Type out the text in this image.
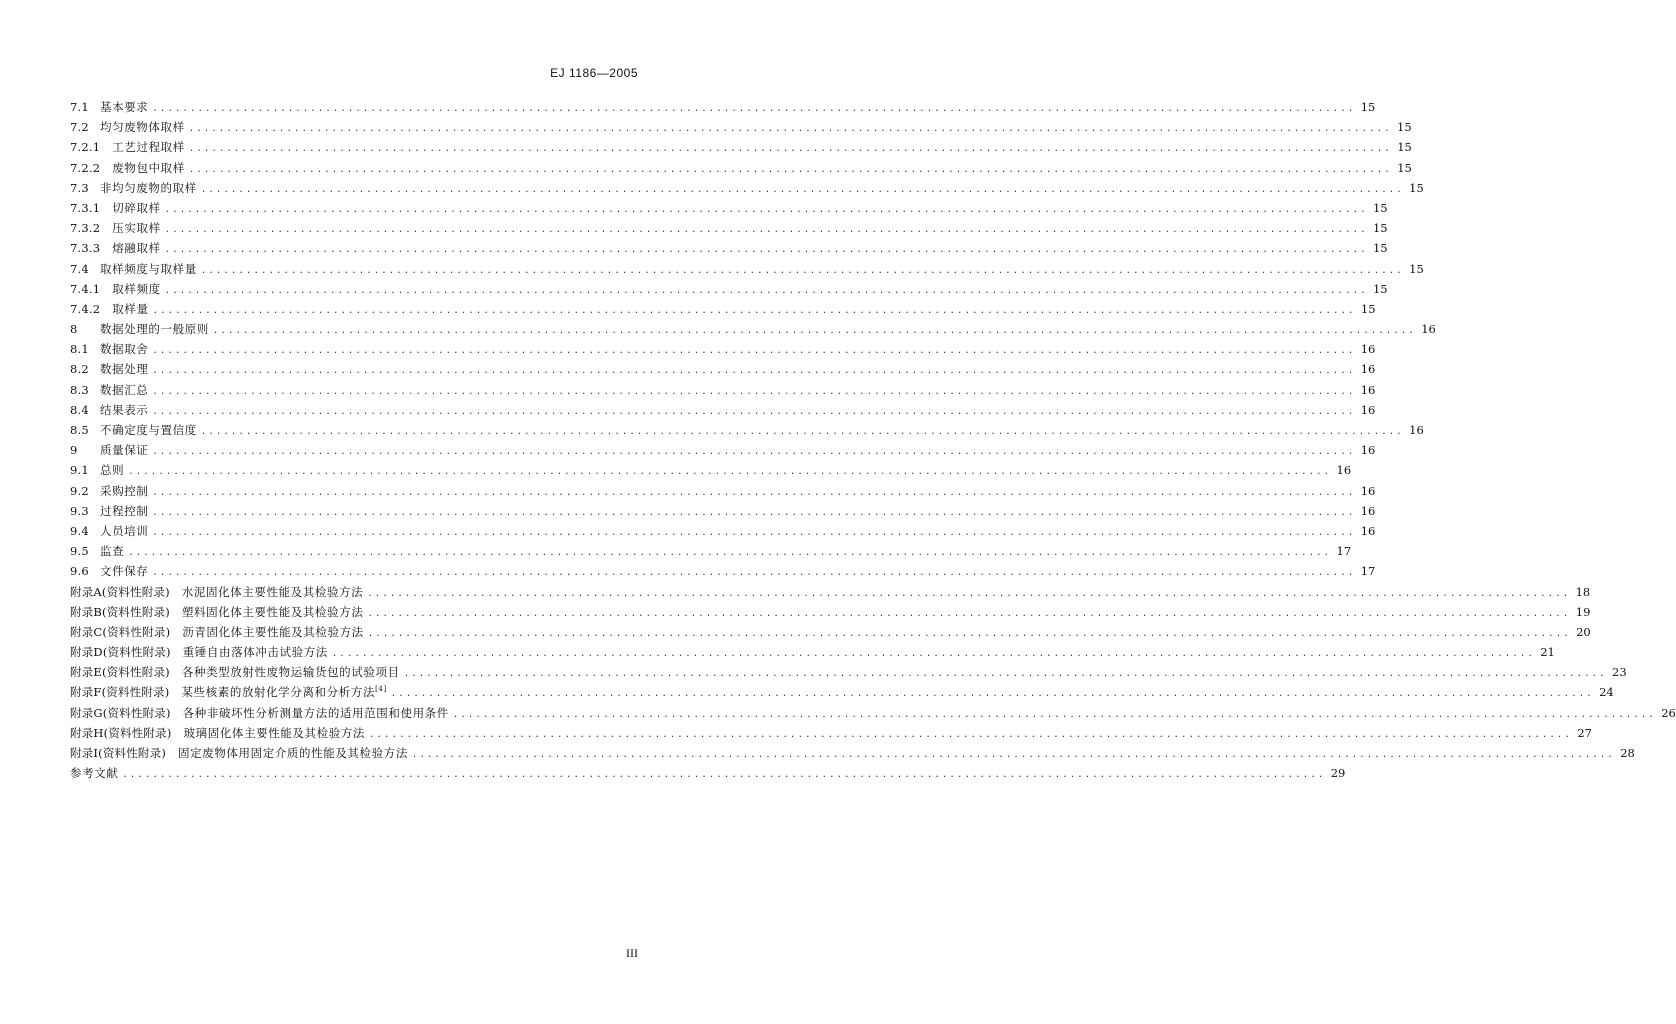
EJ 1186—2005
7.1 基本要求 ................................................................................................................................................................ 15
7.2 均匀废物体取样 ................................................................................................................................................................ 15
7.2.1 工艺过程取样 ................................................................................................................................................................ 15
7.2.2 废物包中取样 ................................................................................................................................................................ 15
7.3 非均匀废物的取样 ................................................................................................................................................................ 15
7.3.1 切碎取样 ................................................................................................................................................................ 15
7.3.2 压实取样 ................................................................................................................................................................ 15
7.3.3 熔融取样 ................................................................................................................................................................ 15
7.4 取样频度与取样量 ................................................................................................................................................................ 15
7.4.1 取样频度 ................................................................................................................................................................ 15
7.4.2 取样量 ................................................................................................................................................................ 15
8	数据处理的一般原则 ................................................................................................................................................................ 16
8.1 数据取舍 ................................................................................................................................................................ 16
8.2 数据处理 ................................................................................................................................................................ 16
8.3 数据汇总 ................................................................................................................................................................ 16
8.4 结果表示 ................................................................................................................................................................ 16
8.5 不确定度与置信度 ................................................................................................................................................................ 16
9	质量保证 ................................................................................................................................................................ 16
9.1 总则 ................................................................................................................................................................ 16
9.2 采购控制 ................................................................................................................................................................ 16
9.3 过程控制 ................................................................................................................................................................ 16
9.4 人员培训 ................................................................................................................................................................ 16
9.5 监查 ................................................................................................................................................................ 17
9.6 文件保存 ................................................................................................................................................................ 17
附录A(资料性附录) 水泥固化体主要性能及其检验方法 ................................................................................................................................................................ 18
附录B(资料性附录) 塑料固化体主要性能及其检验方法 ................................................................................................................................................................ 19
附录C(资料性附录) 沥青固化体主要性能及其检验方法 ................................................................................................................................................................ 20
附录D(资料性附录) 重锤自由落体冲击试验方法 ................................................................................................................................................................ 21
附录E(资料性附录) 各种类型放射性废物运输货包的试验项目 ................................................................................................................................................................ 23
附录F(资料性附录) 某些核素的放射化学分离和分析方法[4] ................................................................................................................................................................ 24
附录G(资料性附录) 各种非破坏性分析测量方法的适用范围和使用条件 ................................................................................................................................................................ 26
附录H(资料性附录) 玻璃固化体主要性能及其检验方法 ................................................................................................................................................................ 27
附录I(资料性附录) 固定废物体用固定介质的性能及其检验方法 ................................................................................................................................................................ 28
参考文献 ................................................................................................................................................................ 29
III
